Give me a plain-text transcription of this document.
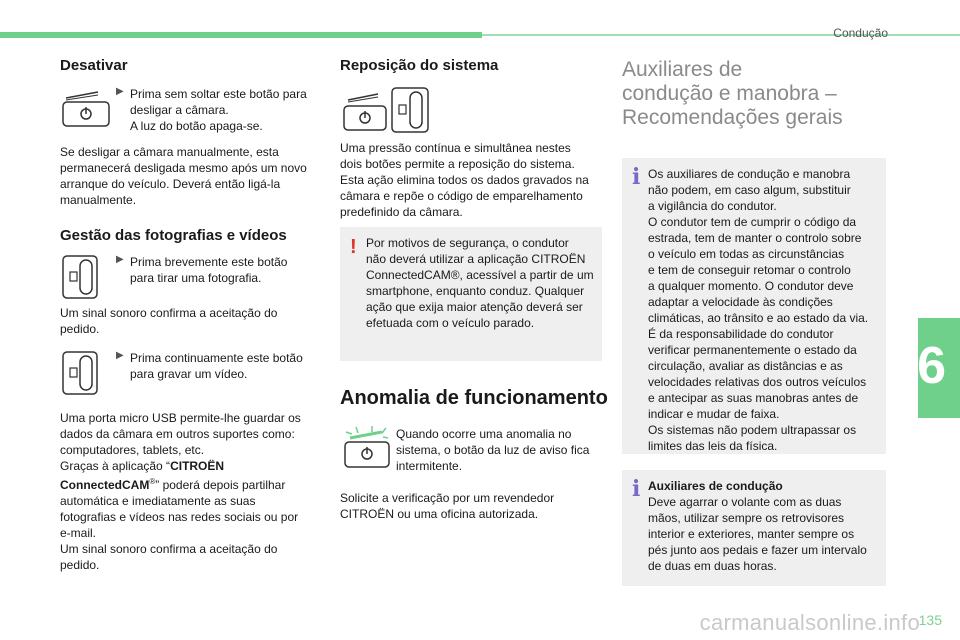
Condução
6
Desativar
▶ Prima sem soltar este botão para
desligar a câmara.
A luz do botão apaga-se.
Se desligar a câmara manualmente, esta
permanecerá desligada mesmo após um novo
arranque do veículo. Deverá então ligá-la
manualmente.
Gestão das fotografias e vídeos
▶ Prima brevemente este botão
para tirar uma fotografia.
Um sinal sonoro confirma a aceitação do
pedido.
▶ Prima continuamente este botão
para gravar um vídeo.
Uma porta micro USB permite-lhe guardar os
dados da câmara em outros suportes como:
computadores, tablets, etc.
Graças à aplicação “CITROËN
ConnectedCAM®” poderá depois partilhar
automática e imediatamente as suas
fotografias e vídeos nas redes sociais ou por
e-mail.
Um sinal sonoro confirma a aceitação do
pedido.
Reposição do sistema
Uma pressão contínua e simultânea nestes
dois botões permite a reposição do sistema.
Esta ação elimina todos os dados gravados na
câmara e repõe o código de emparelhamento
predefinido da câmara.
! Por motivos de segurança, o condutor
não deverá utilizar a aplicação CITROËN
ConnectedCAM®, acessível a partir de um
smartphone, enquanto conduz. Qualquer
ação que exija maior atenção deverá ser
efetuada com o veículo parado.
Anomalia de funcionamento
Quando ocorre uma anomalia no
sistema, o botão da luz de aviso fica
intermitente.
Solicite a verificação por um revendedor
CITROËN ou uma oficina autorizada.
Auxiliares de
condução e manobra –
Recomendações gerais
i Os auxiliares de condução e manobra
não podem, em caso algum, substituir
a vigilância do condutor.
O condutor tem de cumprir o código da
estrada, tem de manter o controlo sobre
o veículo em todas as circunstâncias
e tem de conseguir retomar o controlo
a qualquer momento. O condutor deve
adaptar a velocidade às condições
climáticas, ao trânsito e ao estado da via.
É da responsabilidade do condutor
verificar permanentemente o estado da
circulação, avaliar as distâncias e as
velocidades relativas dos outros veículos
e antecipar as suas manobras antes de
indicar e mudar de faixa.
Os sistemas não podem ultrapassar os
limites das leis da física.
i Auxiliares de condução
Deve agarrar o volante com as duas
mãos, utilizar sempre os retrovisores
interior e exteriores, manter sempre os
pés junto aos pedais e fazer um intervalo
de duas em duas horas.
carmanualsonline.info
135
